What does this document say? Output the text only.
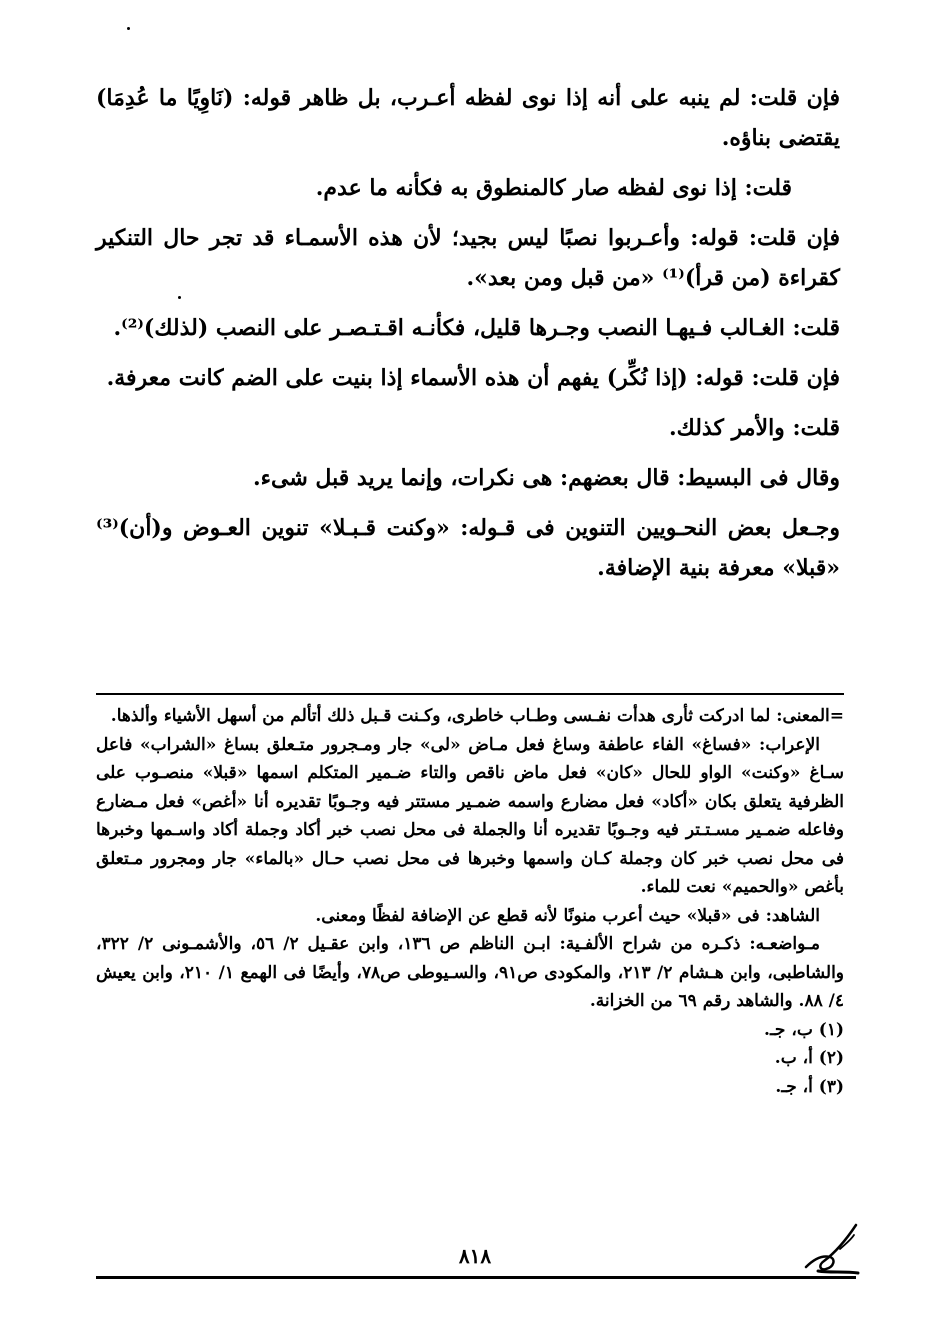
فإن قلت: لم ينبه على أنه إذا نوى لفظه أعـرب، بل ظاهر قوله: (نَاوِيًا ما عُدِمَا) يقتضى بناؤه.

قلت: إذا نوى لفظه صار كالمنطوق به فكأنه ما عدم.

فإن قلت: قوله: وأعـربوا نصبًا ليس بجيد؛ لأن هذه الأسمـاء قد تجر حال التنكير كقراءة (من قرأ)⁽¹⁾ «من قبل ومن بعد».

قلت: الغـالب فـيهـا النصب وجـرها قليل، فكأنـه اقـتـصـر على النصب (لذلك)⁽²⁾.

فإن قلت: قوله: (إذا نُكِّر) يفهم أن هذه الأسماء إذا بنيت على الضم كانت معرفة.

قلت: والأمر كذلك.

وقال فى البسيط: قال بعضهم: هى نكرات، وإنما يريد قبل شىء.

وجـعل بعض النحـويين التنوين فى قـوله: «وكنت قـبـلا» تنوين العـوض و(أن)⁽³⁾ «قبلا» معرفة بنية الإضافة.

=المعنى: لما ادركت ثأرى هدأت نفـسى وطـاب خاطرى، وكـنت قـبل ذلك أتألم من أسهل الأشياء وألذها.

الإعراب: «فساغ» الفاء عاطفة وساغ فعل مـاض «لى» جار ومـجرور متـعلق بساغ «الشراب» فاعل سـاغ «وكنت» الواو للحال «كان» فعل ماض ناقص والتاء ضـمير المتكلم اسمها «قبلا» منصـوب على الظرفية يتعلق بكان «أكاد» فعل مضارع واسمه ضمـير مستتر فيه وجـوبًا تقديره أنا «أغص» فعل مـضارع وفاعله ضمـير مسـتـتر فيه وجـوبًا تقديره أنا والجملة فى محل نصب خبر أكاد وجملة أكاد واسـمها وخبرها فى محل نصب خبر كان وجملة كـان واسمها وخبرها فى محل نصب حـال «بالماء» جار ومجرور مـتعلق بأغص «والحميم» نعت للماء.

الشاهد: فى «قبلا» حيث أعرب منونًا لأنه قطع عن الإضافة لفظًا ومعنى.

مـواضعـه: ذكـره من شراح الألفـية: ابـن الناظم ص ١٣٦، وابن عقـيل ٢/ ٥٦، والأشمـونى ٢/ ٣٢٢، والشاطبى، وابن هـشام ٢/ ٢١٣، والمكودى ص٩١، والسـيوطى ص٧٨، وأيضًا فى الهمع ١/ ٢١٠، وابن يعيش ٤/ ٨٨. والشاهد رقم ٦٩ من الخزانة.

(١) ب، جـ.

(٢) أ، ب.

(٣) أ، جـ.

٨١٨
